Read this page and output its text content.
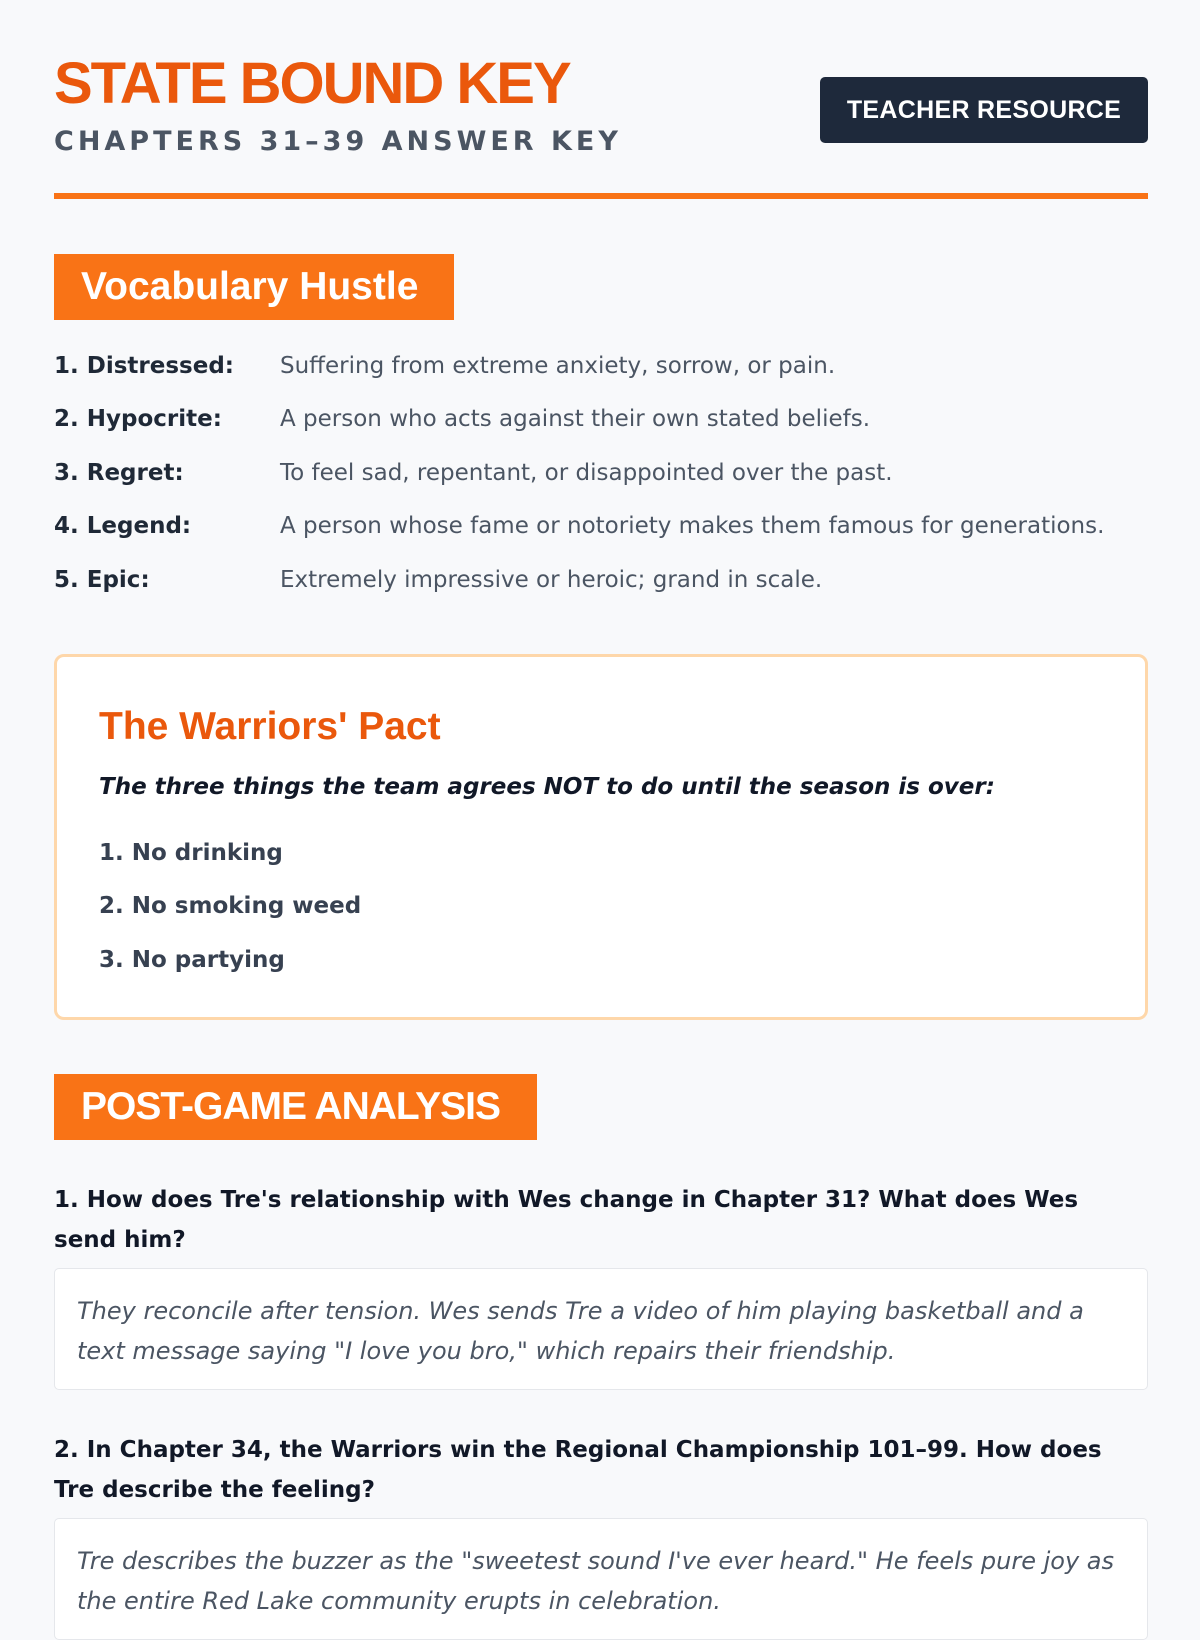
STATE BOUND KEY
CHAPTERS 31–39 ANSWER KEY
TEACHER RESOURCE
Vocabulary Hustle
1. Distressed:	Suffering from extreme anxiety, sorrow, or pain.
2. Hypocrite:	A person who acts against their own stated beliefs.
3. Regret:	To feel sad, repentant, or disappointed over the past.
4. Legend:	A person whose fame or notoriety makes them famous for generations.
5. Epic:	Extremely impressive or heroic; grand in scale.
The Warriors' Pact
The three things the team agrees NOT to do until the season is over:
1. No drinking
2. No smoking weed
3. No partying
POST-GAME ANALYSIS
1. How does Tre's relationship with Wes change in Chapter 31? What does Wes send him?
They reconcile after tension. Wes sends Tre a video of him playing basketball and a text message saying "I love you bro," which repairs their friendship.
2. In Chapter 34, the Warriors win the Regional Championship 101–99. How does Tre describe the feeling?
Tre describes the buzzer as the "sweetest sound I've ever heard." He feels pure joy as the entire Red Lake community erupts in celebration.
